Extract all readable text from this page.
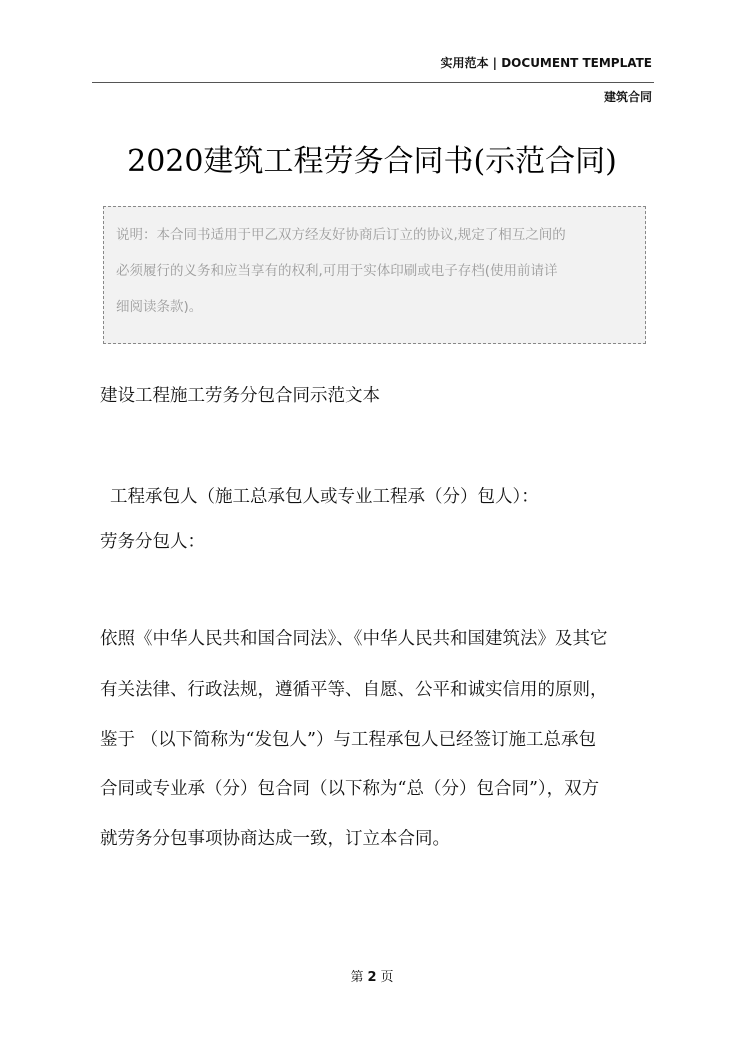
实用范本 | DOCUMENT TEMPLATE
建筑合同
2020建筑工程劳务合同书(示范合同)
说明：本合同书适用于甲乙双方经友好协商后订立的协议,规定了相互之间的
必须履行的义务和应当享有的权利,可用于实体印刷或电子存档(使用前请详
细阅读条款)。
建设工程施工劳务分包合同示范文本
工程承包人（施工总承包人或专业工程承（分）包人）：
劳务分包人：
依照《中华人民共和国合同法》、《中华人民共和国建筑法》及其它
有关法律、行政法规，遵循平等、自愿、公平和诚实信用的原则，
鉴于 （以下简称为“发包人”）与工程承包人已经签订施工总承包
合同或专业承（分）包合同（以下称为“总（分）包合同”），双方
就劳务分包事项协商达成一致，订立本合同。
第 2 页
